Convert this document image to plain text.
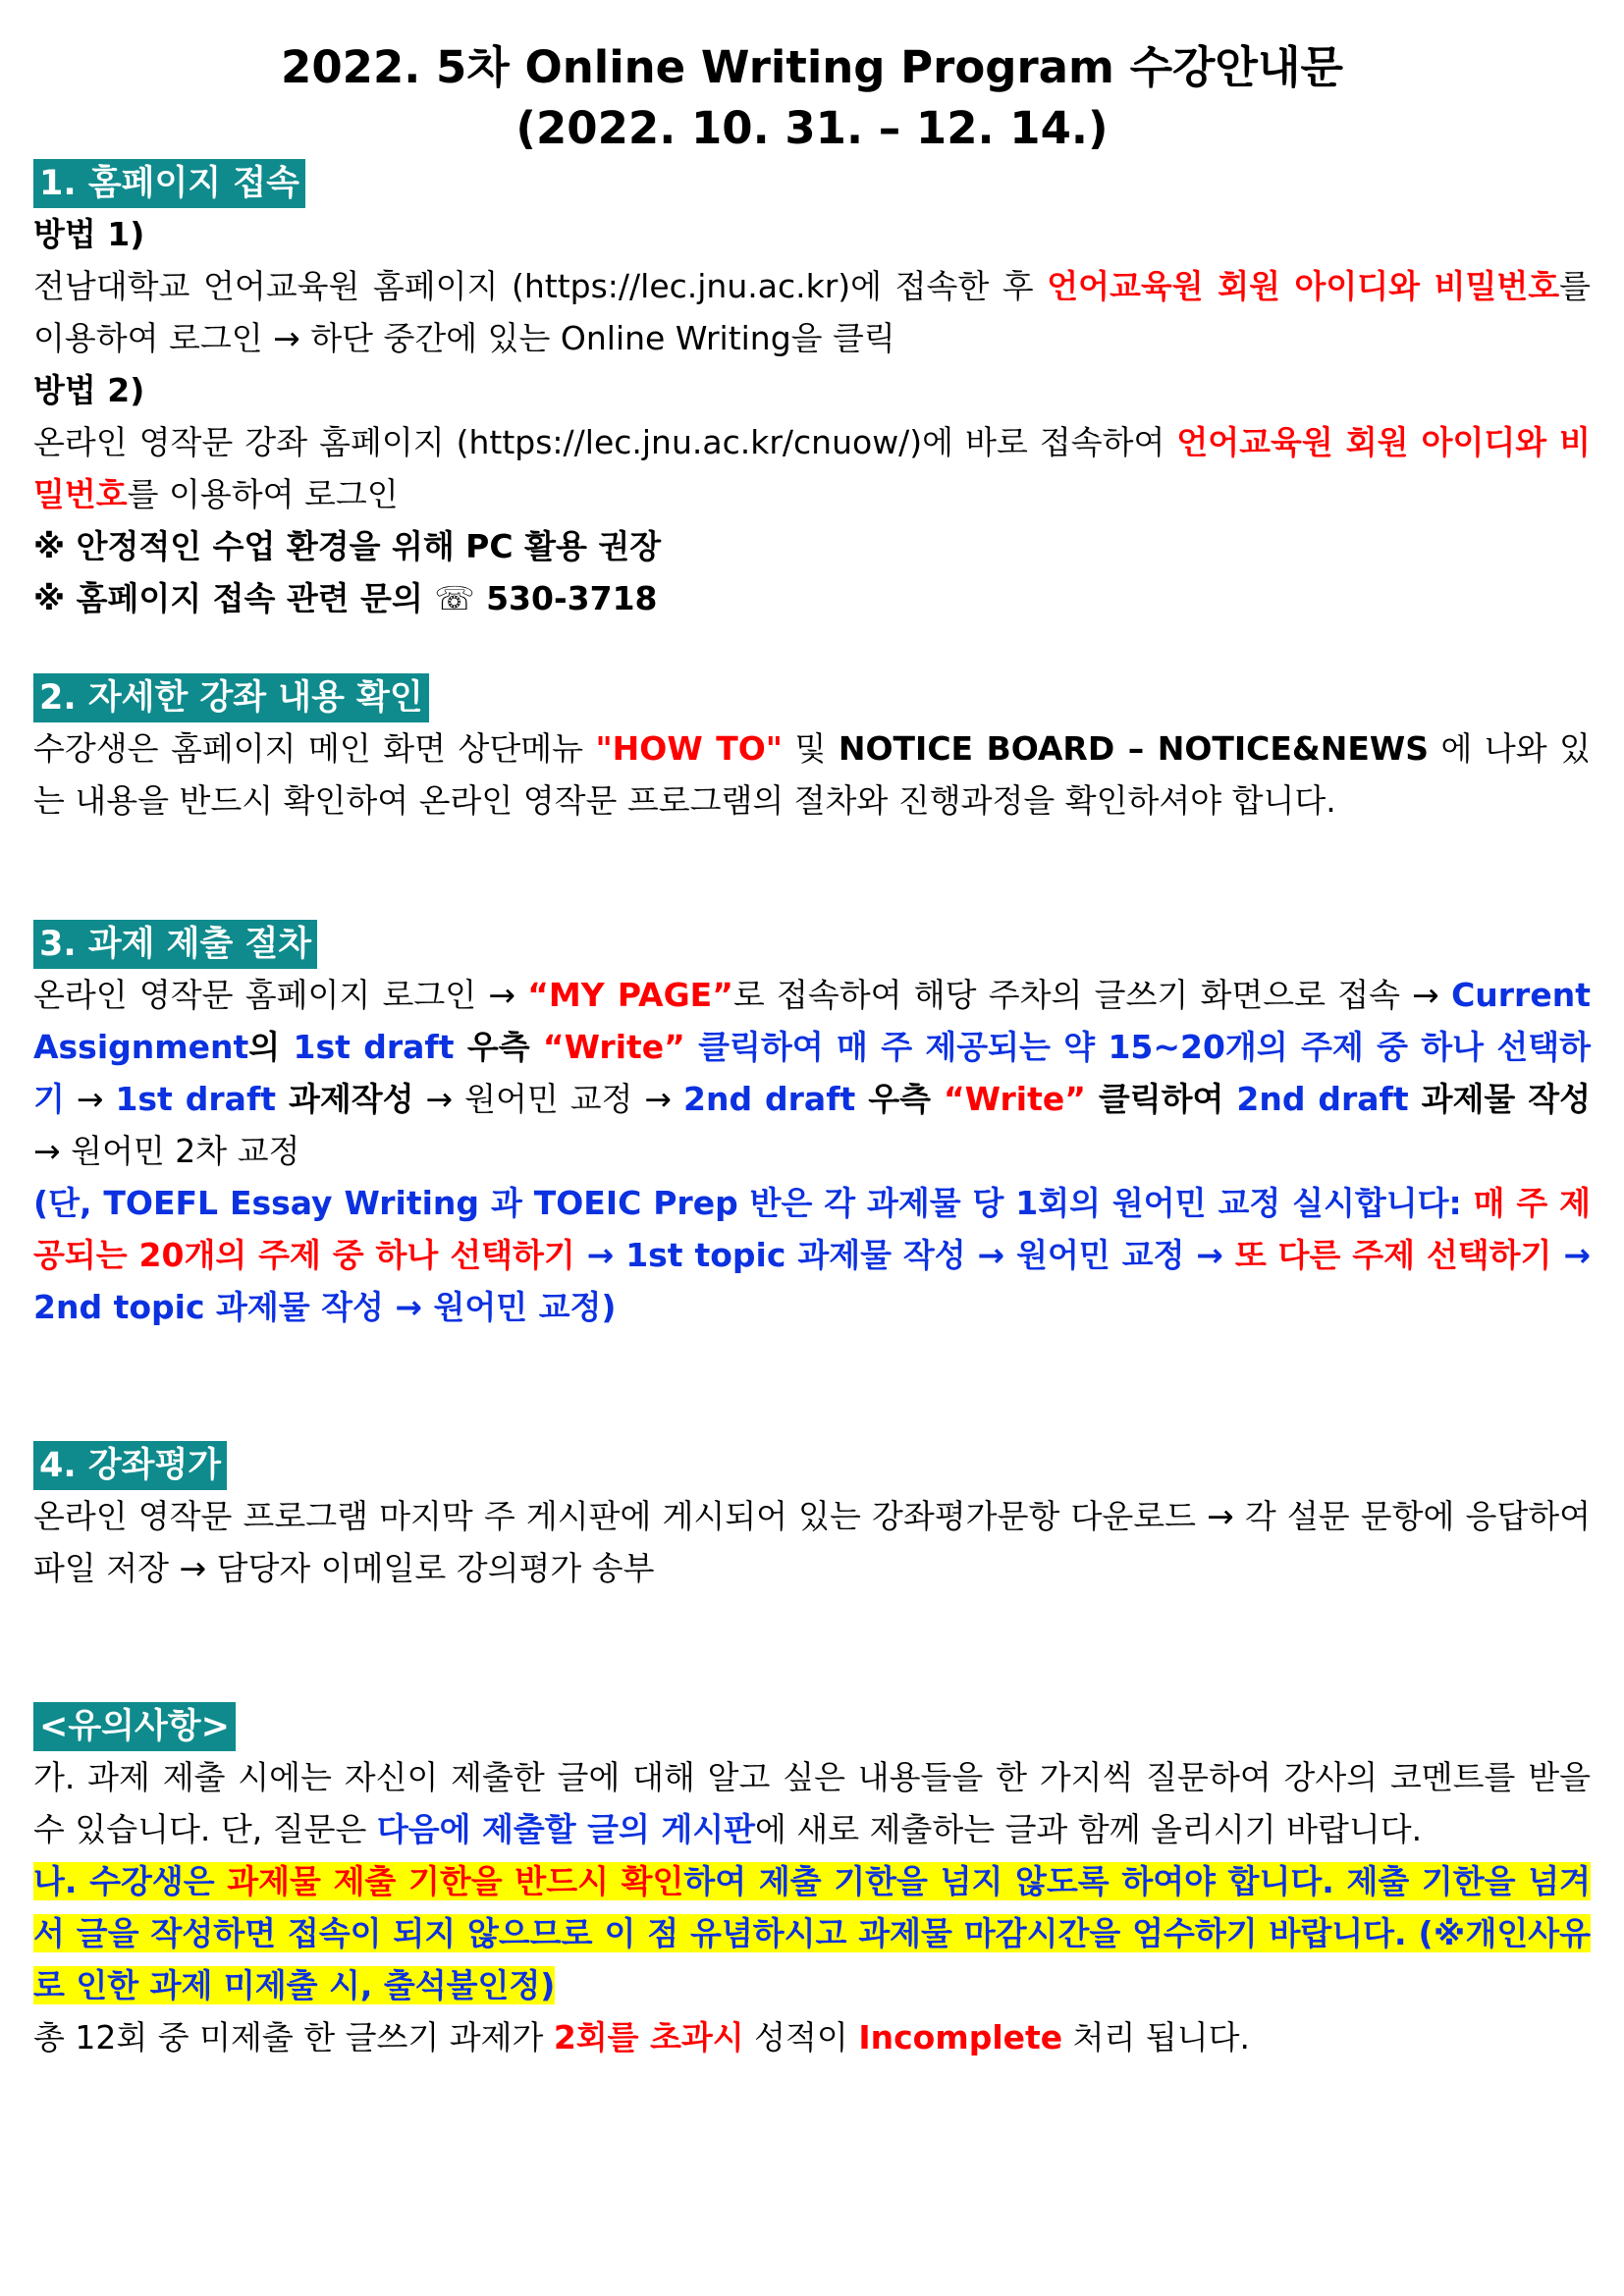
2022. 5차 Online Writing Program 수강안내문
(2022. 10. 31. – 12. 14.)
1. 홈페이지 접속

방법 1)

전남대학교 언어교육원 홈페이지 (https://lec.jnu.ac.kr)에 접속한 후 언어교육원 회원 아이디와 비밀번호를 이용하여 로그인 → 하단 중간에 있는 Online Writing을 클릭

방법 2)

온라인 영작문 강좌 홈페이지 (https://lec.jnu.ac.kr/cnuow/)에 바로 접속하여 언어교육원 회원 아이디와 비밀번호를 이용하여 로그인

※ 안정적인 수업 환경을 위해 PC 활용 권장

※ 홈페이지 접속 관련 문의 ☏ 530-3718

2. 자세한 강좌 내용 확인

수강생은 홈페이지 메인 화면 상단메뉴 "HOW TO" 및 NOTICE BOARD – NOTICE&NEWS 에 나와 있는 내용을 반드시 확인하여 온라인 영작문 프로그램의 절차와 진행과정을 확인하셔야 합니다.

3. 과제 제출 절차

온라인 영작문 홈페이지 로그인 → “MY PAGE”로 접속하여 해당 주차의 글쓰기 화면으로 접속 → Current Assignment의 1st draft 우측 “Write” 클릭하여 매 주 제공되는 약 15~20개의 주제 중 하나 선택하기 → 1st draft 과제작성 → 원어민 교정 → 2nd draft 우측 “Write” 클릭하여 2nd draft 과제물 작성 → 원어민 2차 교정

(단, TOEFL Essay Writing 과 TOEIC Prep 반은 각 과제물 당 1회의 원어민 교정 실시합니다: 매 주 제공되는 20개의 주제 중 하나 선택하기 → 1st topic 과제물 작성 → 원어민 교정 → 또 다른 주제 선택하기 → 2nd topic 과제물 작성 → 원어민 교정)

4. 강좌평가

온라인 영작문 프로그램 마지막 주 게시판에 게시되어 있는 강좌평가문항 다운로드 → 각 설문 문항에 응답하여 파일 저장 → 담당자 이메일로 강의평가 송부

<유의사항>

가. 과제 제출 시에는 자신이 제출한 글에 대해 알고 싶은 내용들을 한 가지씩 질문하여 강사의 코멘트를 받을 수 있습니다. 단, 질문은 다음에 제출할 글의 게시판에 새로 제출하는 글과 함께 올리시기 바랍니다.

나. 수강생은 과제물 제출 기한을 반드시 확인하여 제출 기한을 넘지 않도록 하여야 합니다. 제출 기한을 넘겨서 글을 작성하면 접속이 되지 않으므로 이 점 유념하시고 과제물 마감시간을 엄수하기 바랍니다. (※개인사유로 인한 과제 미제출 시, 출석불인정)

총 12회 중 미제출 한 글쓰기 과제가 2회를 초과시 성적이 Incomplete 처리 됩니다.
